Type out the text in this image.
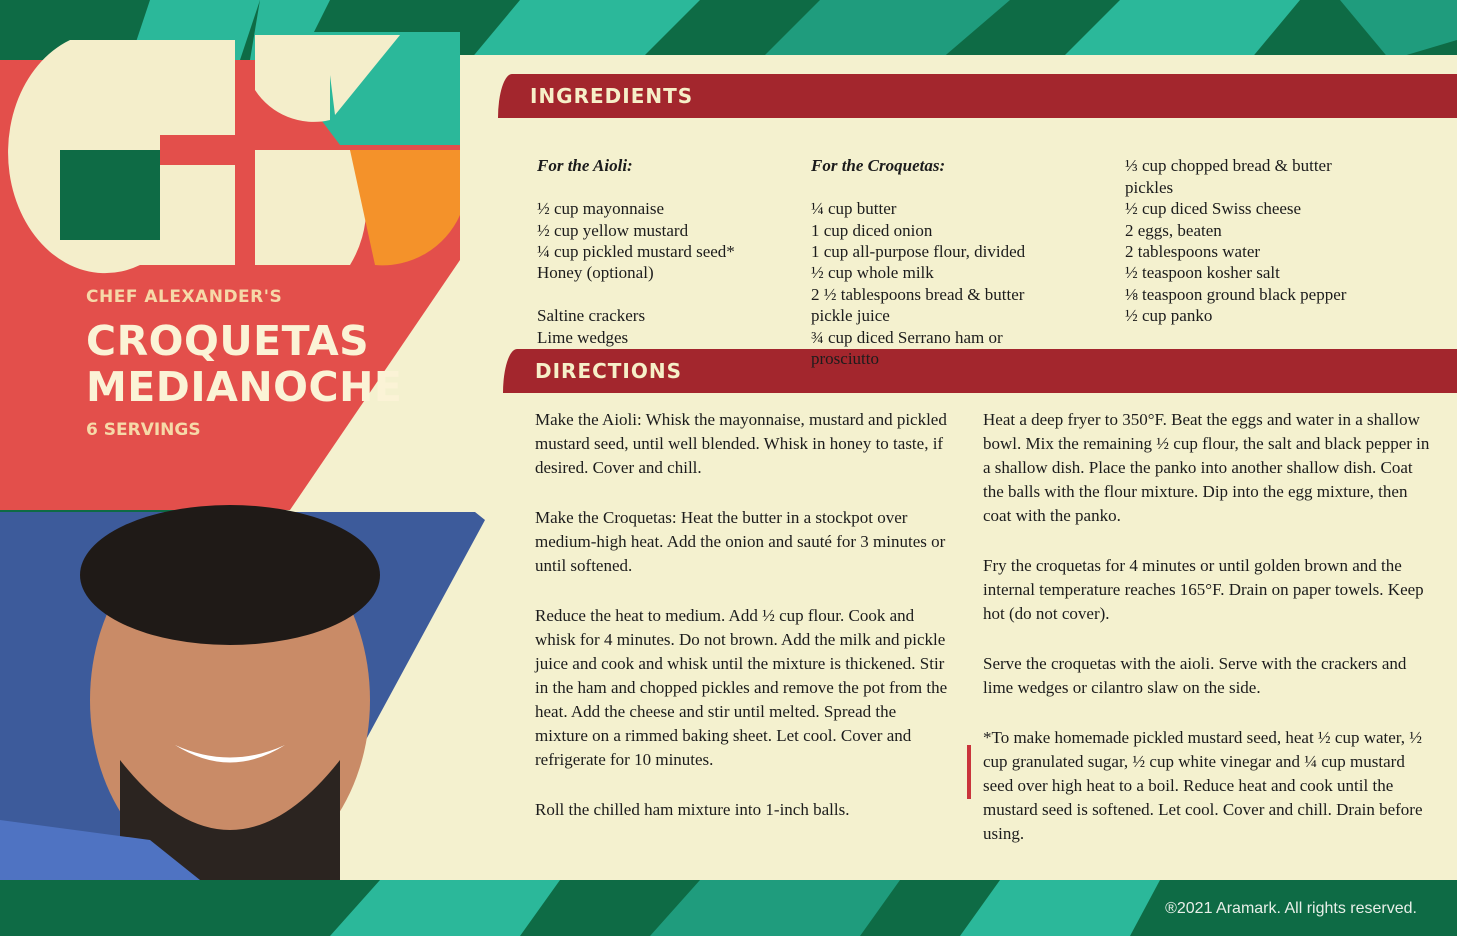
CHEF ALEXANDER'S
CROQUETAS
MEDIANOCHE
6 SERVINGS
INGREDIENTS
DIRECTIONS

For the Aioli:

½ cup mayonnaise
½ cup yellow mustard
¼ cup pickled mustard seed*
Honey (optional)

Saltine crackers
Lime wedges

For the Croquetas:

¼ cup butter
1 cup diced onion
1 cup all-purpose flour, divided
½ cup whole milk
2 ½ tablespoons bread & butter
pickle juice
¾ cup diced Serrano ham or
prosciutto

⅓ cup chopped bread & butter
pickles
½ cup diced Swiss cheese
2 eggs, beaten
2 tablespoons water
½ teaspoon kosher salt
⅛ teaspoon ground black pepper
½ cup panko

Make the Aioli: Whisk the mayonnaise, mustard and pickled mustard seed, until well blended. Whisk in honey to taste, if desired. Cover and chill.

Make the Croquetas: Heat the butter in a stockpot over medium-high heat. Add the onion and sauté for 3 minutes or until softened.

Reduce the heat to medium. Add ½ cup flour. Cook and whisk for 4 minutes. Do not brown. Add the milk and pickle juice and cook and whisk until the mixture is thickened. Stir in the ham and chopped pickles and remove the pot from the heat. Add the cheese and stir until melted. Spread the mixture on a rimmed baking sheet. Let cool. Cover and refrigerate for 10 minutes.

Roll the chilled ham mixture into 1-inch balls.

Heat a deep fryer to 350°F. Beat the eggs and water in a shallow bowl. Mix the remaining ½ cup flour, the salt and black pepper in a shallow dish. Place the panko into another shallow dish. Coat the balls with the flour mixture. Dip into the egg mixture, then coat with the panko.

Fry the croquetas for 4 minutes or until golden brown and the internal temperature reaches 165°F. Drain on paper towels. Keep hot (do not cover).

Serve the croquetas with the aioli. Serve with the crackers and lime wedges or cilantro slaw on the side.

*To make homemade pickled mustard seed, heat ½ cup water, ½ cup granulated sugar, ½ cup white vinegar and ¼ cup mustard seed over high heat to a boil. Reduce heat and cook until the mustard seed is softened. Let cool. Cover and chill. Drain before using.

®2021 Aramark. All rights reserved.
